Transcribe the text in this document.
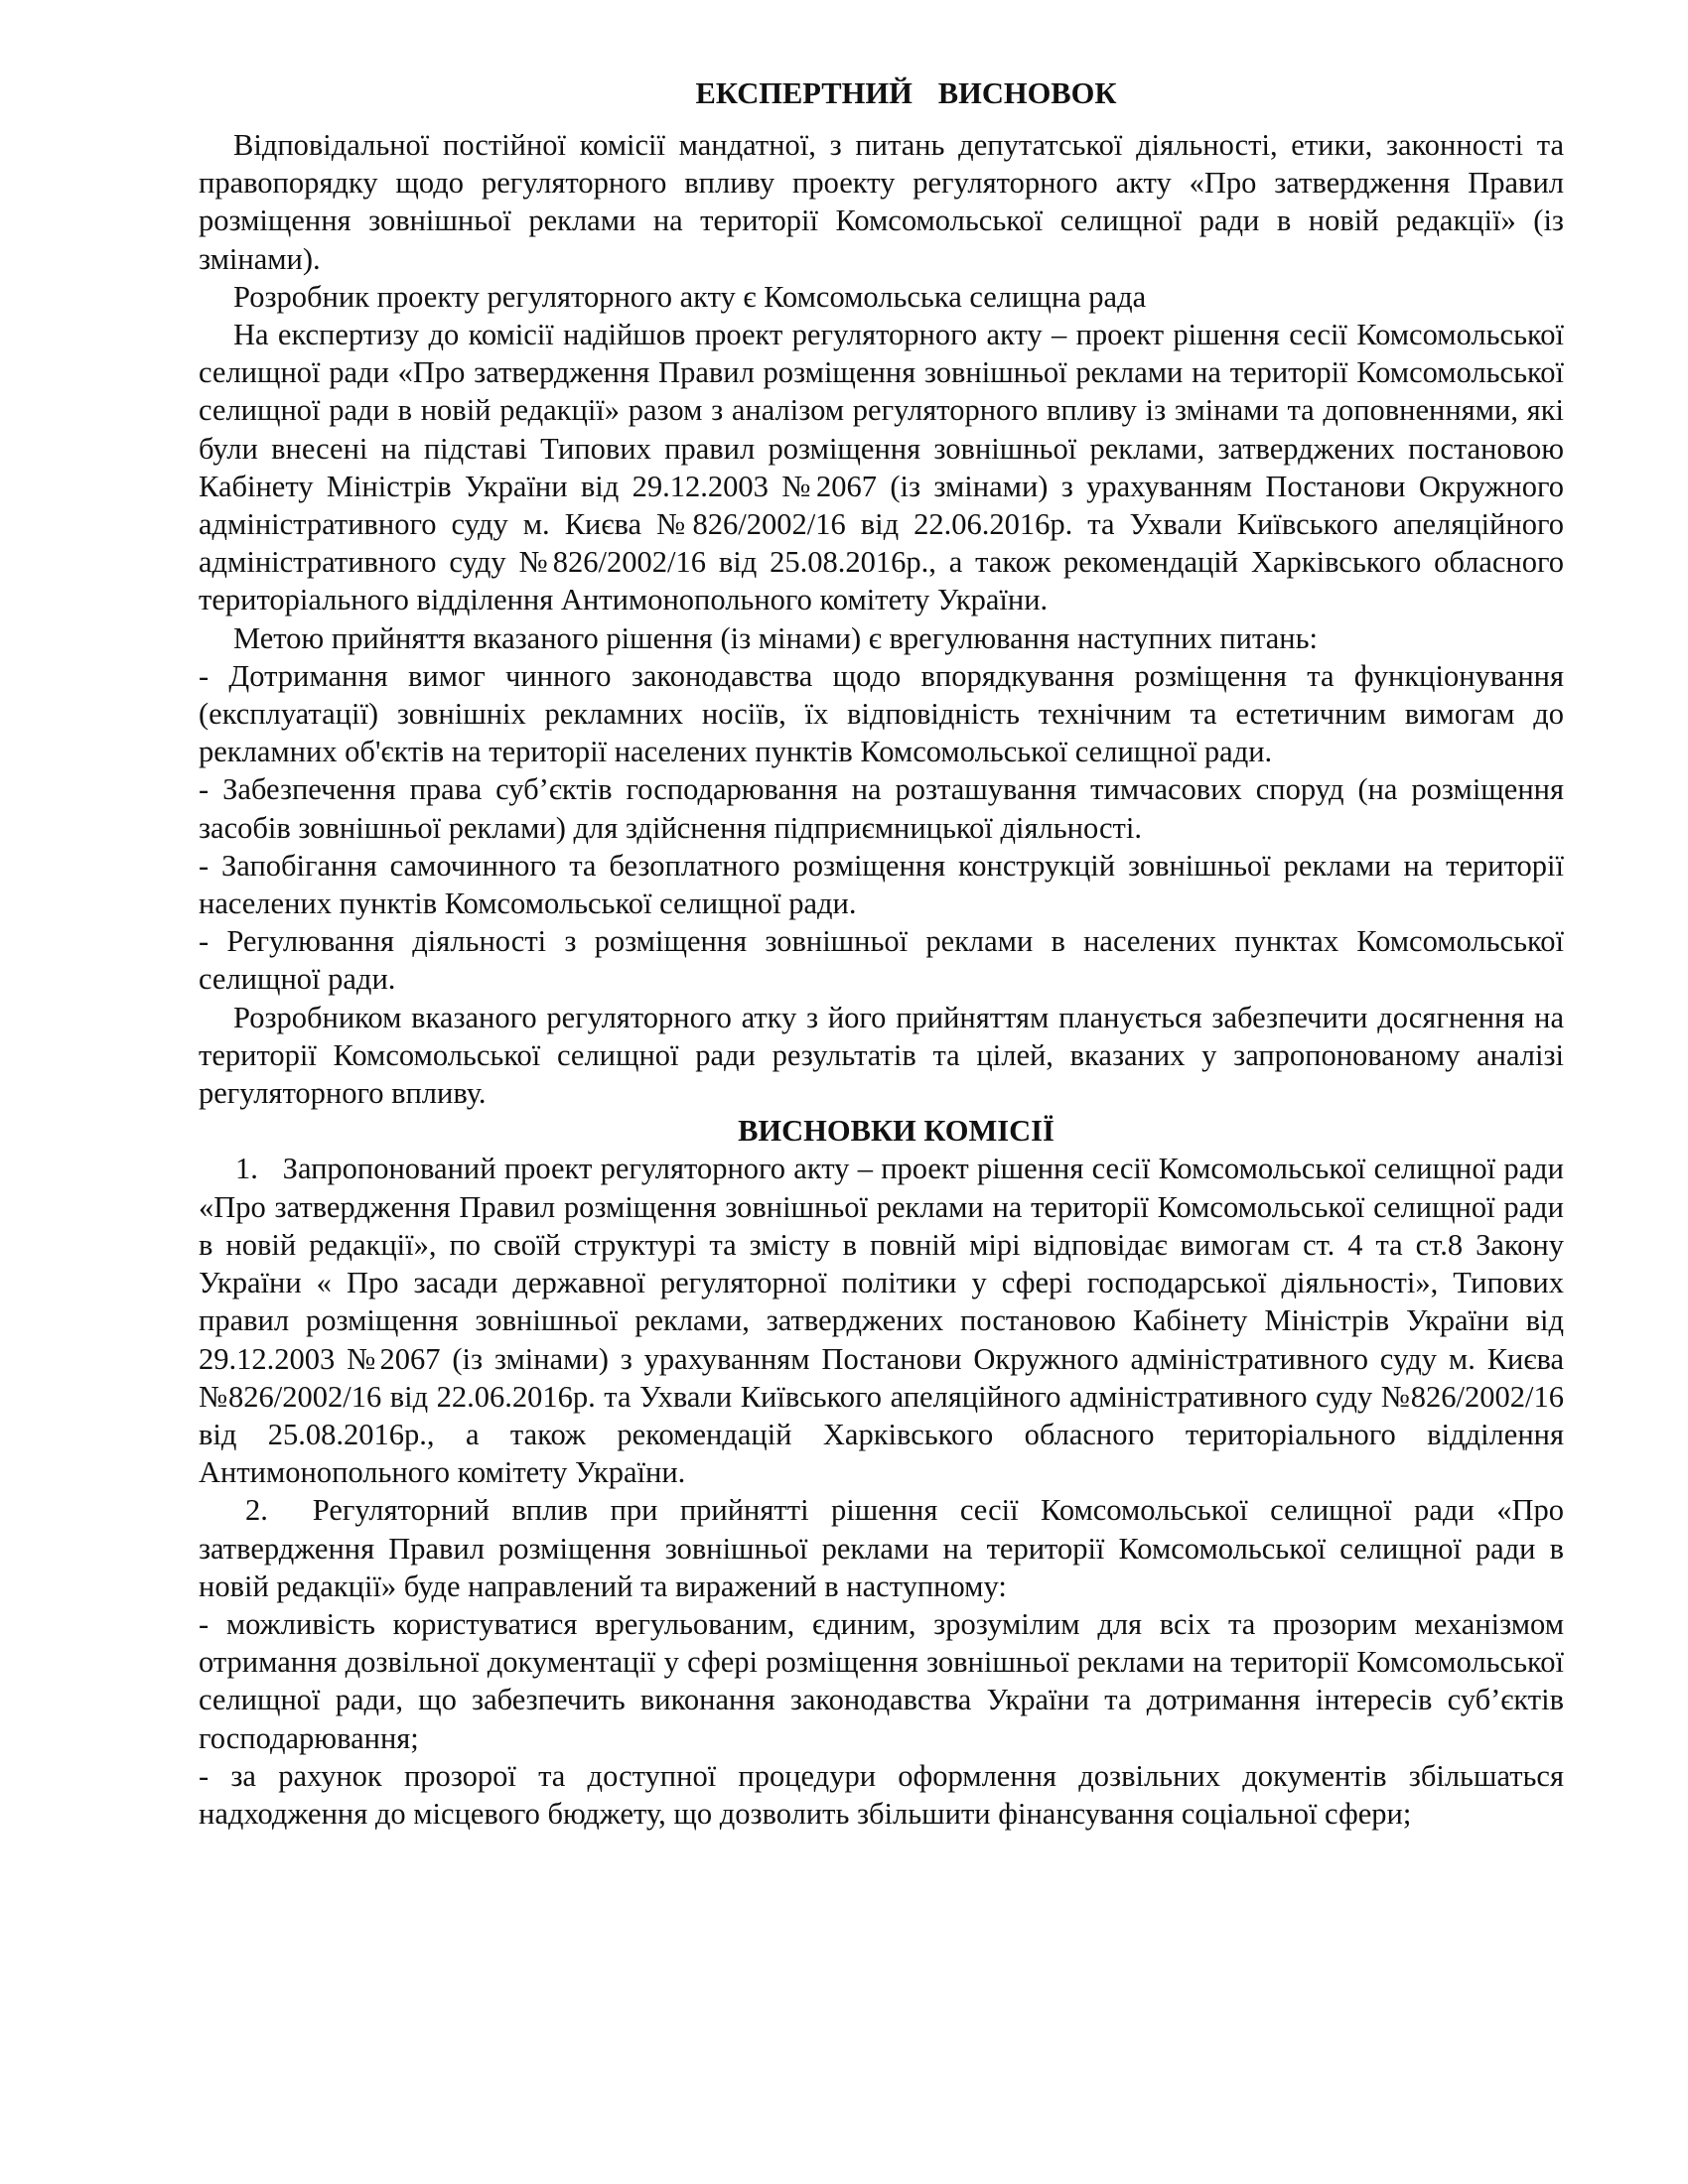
ЕКСПЕРТНИЙ ВИСНОВОК

Відповідальної постійної комісії мандатної, з питань депутатської діяльності, етики, законності та правопорядку щодо регуляторного впливу проекту регуляторного акту «Про затвердження Правил розміщення зовнішньої реклами на території Комсомольської селищної ради в новій редакції» (із змінами).

Розробник проекту регуляторного акту є Комсомольська селищна рада

На експертизу до комісії надійшов проект регуляторного акту – проект рішення сесії Комсомольської селищної ради «Про затвердження Правил розміщення зовнішньої реклами на території Комсомольської селищної ради в новій редакції» разом з аналізом регуляторного впливу із змінами та доповненнями, які були внесені на підставі Типових правил розміщення зовнішньої реклами, затверджених постановою Кабінету Міністрів України від 29.12.2003 №2067 (із змінами) з урахуванням Постанови Окружного адміністративного суду м. Києва №826/2002/16 від 22.06.2016р. та Ухвали Київського апеляційного адміністративного суду №826/2002/16 від 25.08.2016р., а також рекомендацій Харківського обласного територіального відділення Антимонопольного комітету України.

Метою прийняття вказаного рішення (із мінами) є врегулювання наступних питань:

- Дотримання вимог чинного законодавства щодо впорядкування розміщення та функціонування (експлуатації) зовнішніх рекламних носіїв, їх відповідність технічним та естетичним вимогам до рекламних об'єктів на території населених пунктів Комсомольської селищної ради.

- Забезпечення права суб’єктів господарювання на розташування тимчасових споруд (на розміщення засобів зовнішньої реклами) для здійснення підприємницької діяльності.

- Запобігання самочинного та безоплатного розміщення конструкцій зовнішньої реклами на території населених пунктів Комсомольської селищної ради.

- Регулювання діяльності з розміщення зовнішньої реклами в населених пунктах Комсомольської селищної ради.

Розробником вказаного регуляторного атку з його прийняттям планується забезпечити досягнення на території Комсомольської селищної ради результатів та цілей, вказаних у запропонованому аналізі регуляторного впливу.

ВИСНОВКИ КОМІСІЇ

1.   Запропонований проект регуляторного акту – проект рішення сесії Комсомольської селищної ради «Про затвердження Правил розміщення зовнішньої реклами на території Комсомольської селищної ради в новій редакції», по своїй структурі та змісту в повній мірі відповідає вимогам ст. 4 та ст.8 Закону України « Про засади державної регуляторної політики у сфері господарської діяльності», Типових правил розміщення зовнішньої реклами, затверджених постановою Кабінету Міністрів України від 29.12.2003 №2067 (із змінами) з урахуванням Постанови Окружного адміністративного суду м. Києва №826/2002/16 від 22.06.2016р. та Ухвали Київського апеляційного адміністративного суду №826/2002/16 від 25.08.2016р., а також рекомендацій Харківського обласного територіального відділення Антимонопольного комітету України.

2.  Регуляторний вплив при прийнятті рішення сесії Комсомольської селищної ради «Про затвердження Правил розміщення зовнішньої реклами на території Комсомольської селищної ради в новій редакції» буде направлений та виражений в наступному:

- можливість користуватися врегульованим, єдиним, зрозумілим для всіх та прозорим механізмом отримання дозвільної документації у сфері розміщення зовнішньої реклами на території Комсомольської селищної ради, що забезпечить виконання законодавства України та дотримання інтересів суб’єктів господарювання;

- за рахунок прозорої та доступної процедури оформлення дозвільних документів збільшаться надходження до місцевого бюджету, що дозволить збільшити фінансування соціальної сфери;
